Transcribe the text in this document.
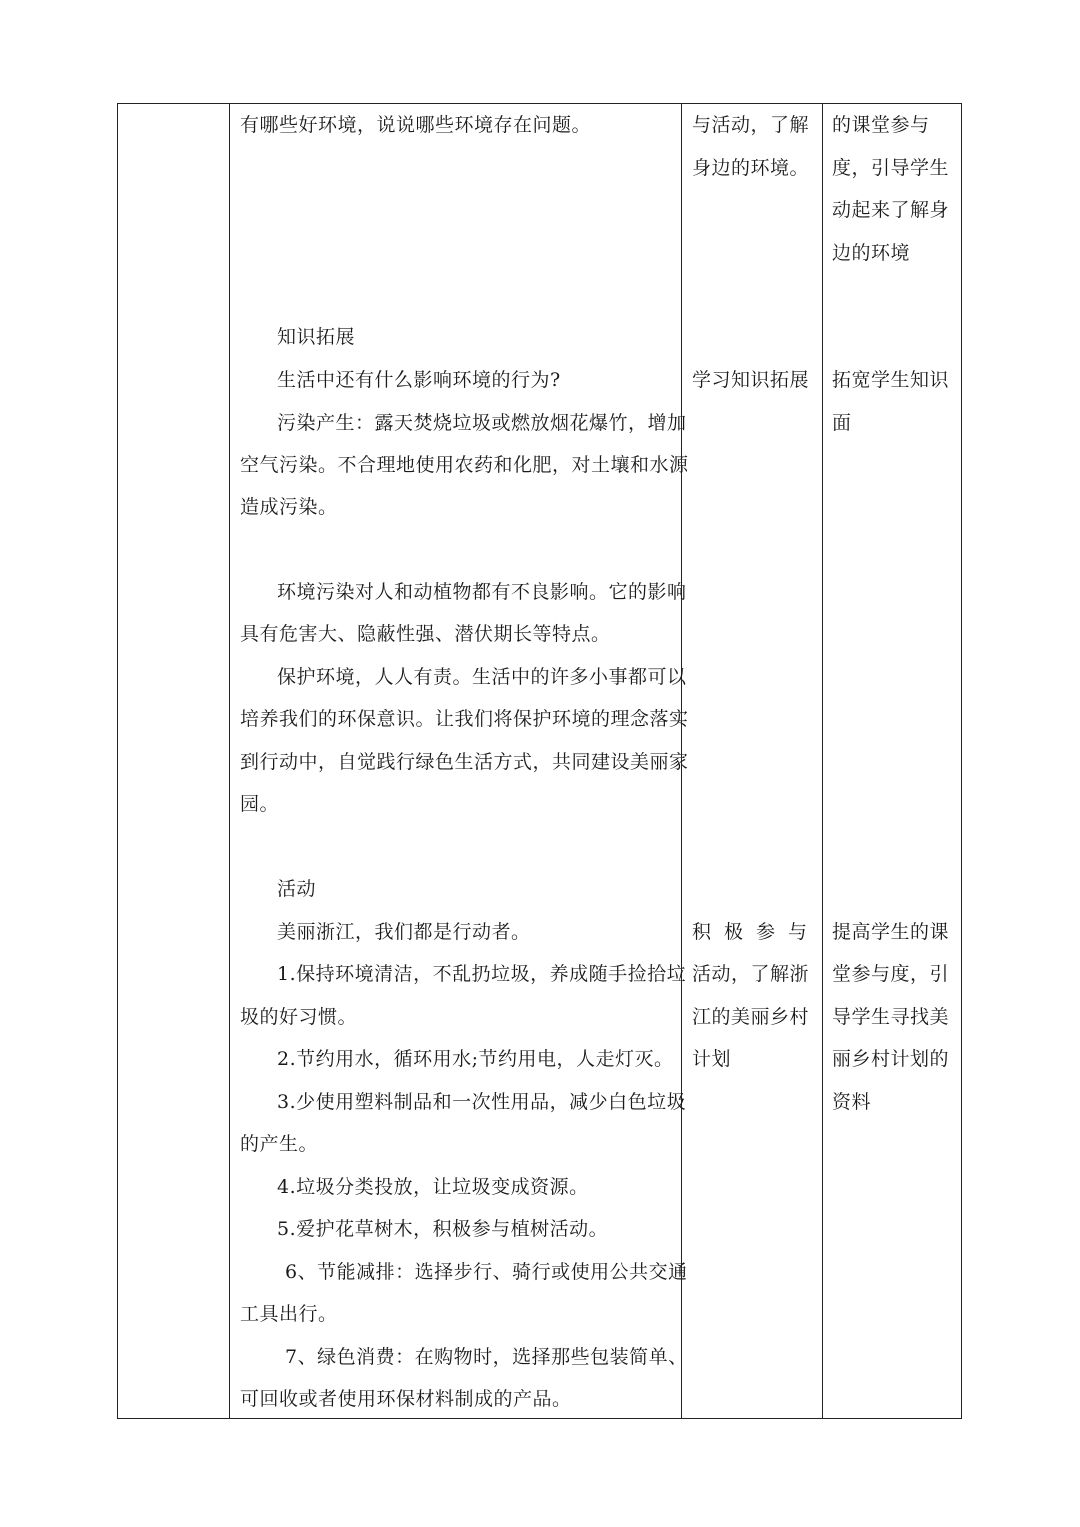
有哪些好环境，说说哪些环境存在问题。
知识拓展
生活中还有什么影响环境的行为?
污染产生：露天焚烧垃圾或燃放烟花爆竹，增加
空气污染。不合理地使用农药和化肥，对土壤和水源
造成污染。
环境污染对人和动植物都有不良影响。它的影响
具有危害大、隐蔽性强、潜伏期长等特点。
保护环境，人人有责。生活中的许多小事都可以
培养我们的环保意识。让我们将保护环境的理念落实
到行动中，自觉践行绿色生活方式，共同建设美丽家
园。
活动
美丽浙江，我们都是行动者。
1.保持环境清洁，不乱扔垃圾，养成随手捡拾垃
圾的好习惯。
2.节约用水，循环用水;节约用电，人走灯灭。
3.少使用塑料制品和一次性用品，减少白色垃圾
的产生。
4.垃圾分类投放，让垃圾变成资源。
5.爱护花草树木，积极参与植树活动。
6、节能减排：选择步行、骑行或使用公共交通
工具出行。
7、绿色消费：在购物时，选择那些包装简单、
可回收或者使用环保材料制成的产品。
与活动，了解
身边的环境。
学习知识拓展
积极参与
活动，了解浙
江的美丽乡村
计划
的课堂参与
度，引导学生
动起来了解身
边的环境
拓宽学生知识
面
提高学生的课
堂参与度，引
导学生寻找美
丽乡村计划的
资料
